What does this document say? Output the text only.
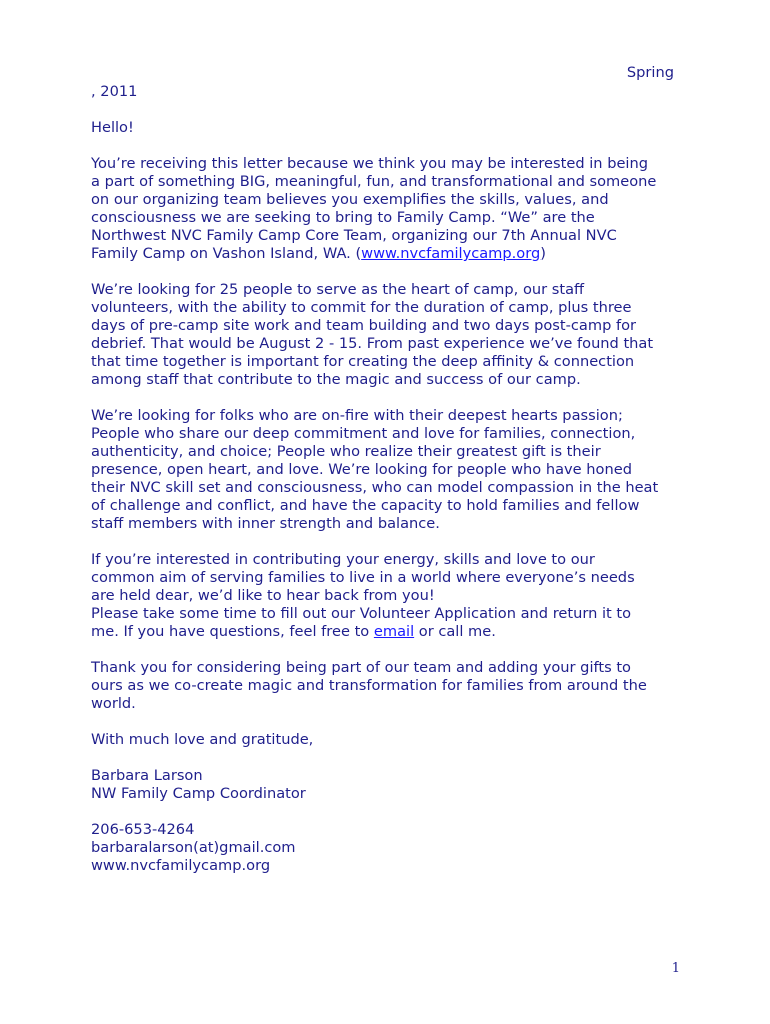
Spring
, 2011

Hello!

You’re receiving this letter because we think you may be interested in being
a part of something BIG, meaningful, fun, and transformational and someone
on our organizing team believes you exemplifies the skills, values, and
consciousness we are seeking to bring to Family Camp. “We” are the
Northwest NVC Family Camp Core Team, organizing our 7th Annual NVC
Family Camp on Vashon Island, WA. (www.nvcfamilycamp.org)

We’re looking for 25 people to serve as the heart of camp, our staff
volunteers, with the ability to commit for the duration of camp, plus three
days of pre-camp site work and team building and two days post-camp for
debrief. That would be August 2 - 15. From past experience we’ve found that
that time together is important for creating the deep affinity & connection
among staff that contribute to the magic and success of our camp.

We’re looking for folks who are on-fire with their deepest hearts passion;
People who share our deep commitment and love for families, connection,
authenticity, and choice; People who realize their greatest gift is their
presence, open heart, and love. We’re looking for people who have honed
their NVC skill set and consciousness, who can model compassion in the heat
of challenge and conflict, and have the capacity to hold families and fellow
staff members with inner strength and balance.

If you’re interested in contributing your energy, skills and love to our
common aim of serving families to live in a world where everyone’s needs
are held dear, we’d like to hear back from you!
Please take some time to fill out our Volunteer Application and return it to
me. If you have questions, feel free to email or call me.

Thank you for considering being part of our team and adding your gifts to
ours as we co-create magic and transformation for families from around the
world.

With much love and gratitude,

Barbara Larson
NW Family Camp Coordinator

206-653-4264
barbaralarson(at)gmail.com
www.nvcfamilycamp.org

1
